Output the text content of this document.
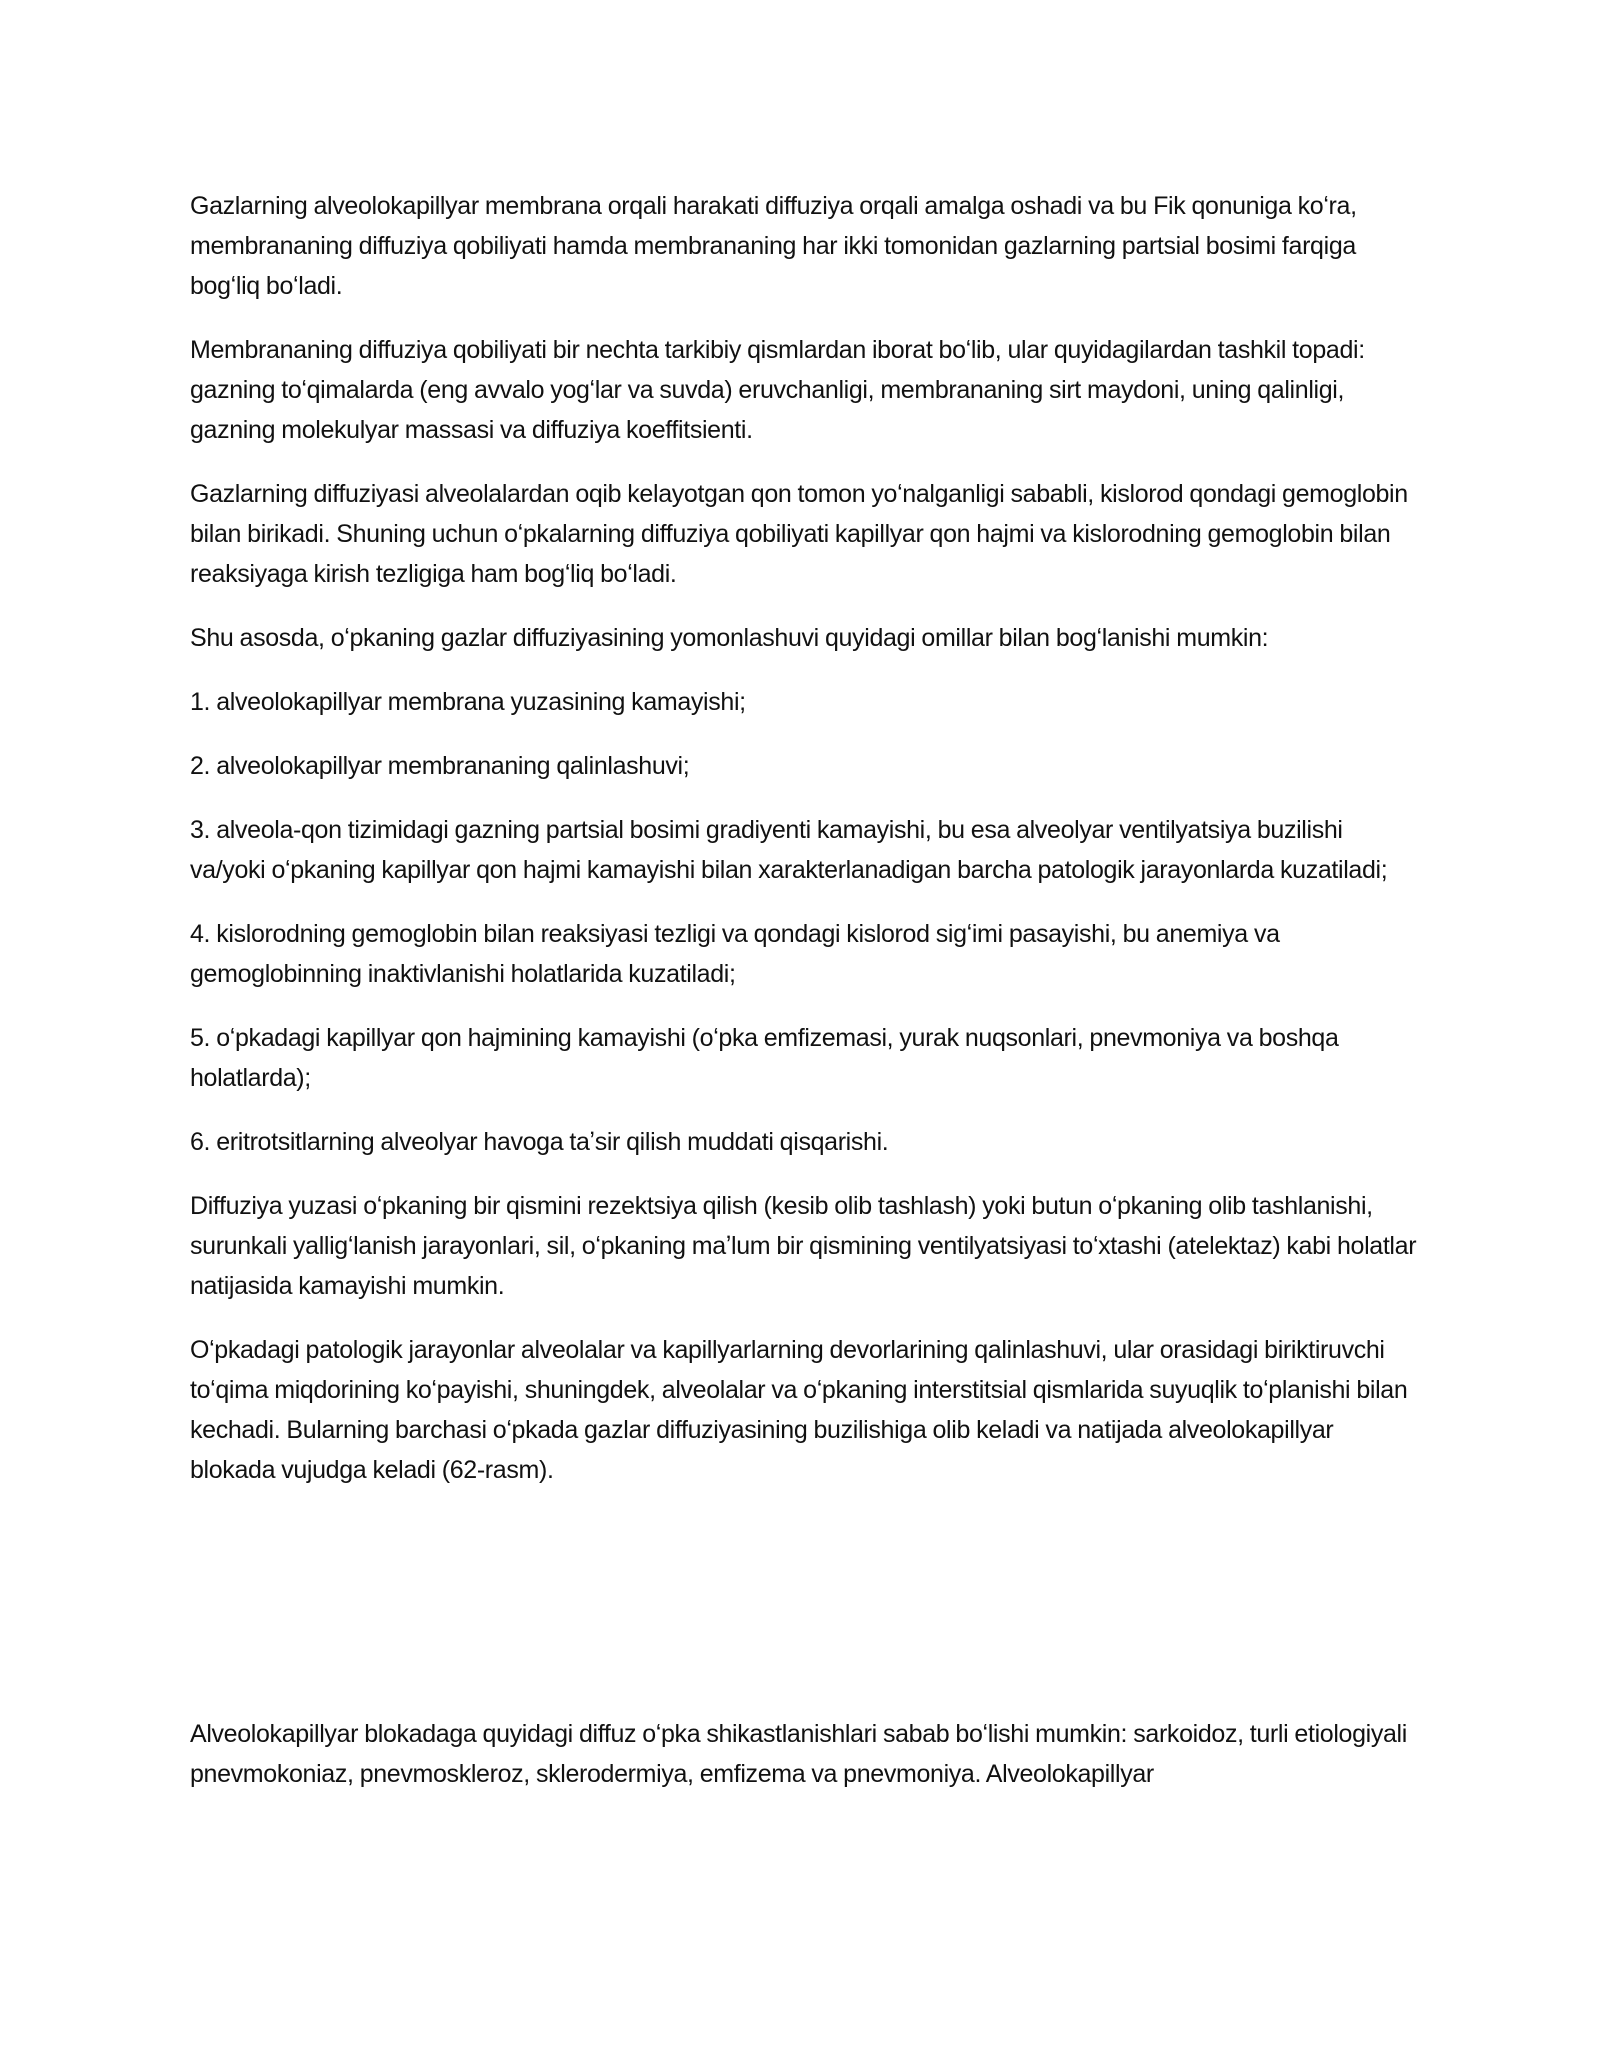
Gazlarning alveolokapillyar membrana orqali harakati diffuziya orqali amalga oshadi va bu Fik qonuniga koʻra, membrananing diffuziya qobiliyati hamda membrananing har ikki tomonidan gazlarning partsial bosimi farqiga bogʻliq boʻladi.

Membrananing diffuziya qobiliyati bir nechta tarkibiy qismlardan iborat boʻlib, ular quyidagilardan tashkil topadi: gazning toʻqimalarda (eng avvalo yogʻlar va suvda) eruvchanligi, membrananing sirt maydoni, uning qalinligi, gazning molekulyar massasi va diffuziya koeffitsienti.

Gazlarning diffuziyasi alveolalardan oqib kelayotgan qon tomon yoʻnalganligi sababli, kislorod qondagi gemoglobin bilan birikadi. Shuning uchun oʻpkalarning diffuziya qobiliyati kapillyar qon hajmi va kislorodning gemoglobin bilan reaksiyaga kirish tezligiga ham bogʻliq boʻladi.

Shu asosda, oʻpkaning gazlar diffuziyasining yomonlashuvi quyidagi omillar bilan bogʻlanishi mumkin:

1. alveolokapillyar membrana yuzasining kamayishi;

2. alveolokapillyar membrananing qalinlashuvi;

3. alveola-qon tizimidagi gazning partsial bosimi gradiyenti kamayishi, bu esa alveolyar ventilyatsiya buzilishi va/yoki oʻpkaning kapillyar qon hajmi kamayishi bilan xarakterlanadigan barcha patologik jarayonlarda kuzatiladi;

4. kislorodning gemoglobin bilan reaksiyasi tezligi va qondagi kislorod sigʻimi pasayishi, bu anemiya va gemoglobinning inaktivlanishi holatlarida kuzatiladi;

5. oʻpkadagi kapillyar qon hajmining kamayishi (oʻpka emfizemasi, yurak nuqsonlari, pnevmoniya va boshqa holatlarda);

6. eritrotsitlarning alveolyar havoga taʼsir qilish muddati qisqarishi.

Diffuziya yuzasi oʻpkaning bir qismini rezektsiya qilish (kesib olib tashlash) yoki butun oʻpkaning olib tashlanishi, surunkali yalligʻlanish jarayonlari, sil, oʻpkaning maʼlum bir qismining ventilyatsiyasi toʻxtashi (atelektaz) kabi holatlar natijasida kamayishi mumkin.

Oʻpkadagi patologik jarayonlar alveolalar va kapillyarlarning devorlarining qalinlashuvi, ular orasidagi biriktiruvchi toʻqima miqdorining koʻpayishi, shuningdek, alveolalar va oʻpkaning interstitsial qismlarida suyuqlik toʻplanishi bilan kechadi. Bularning barchasi oʻpkada gazlar diffuziyasining buzilishiga olib keladi va natijada alveolokapillyar blokada vujudga keladi (62-rasm).

Alveolokapillyar blokadaga quyidagi diffuz oʻpka shikastlanishlari sabab boʻlishi mumkin: sarkoidoz, turli etiologiyali pnevmokoniaz, pnevmoskleroz, sklerodermiya, emfizema va pnevmoniya. Alveolokapillyar
